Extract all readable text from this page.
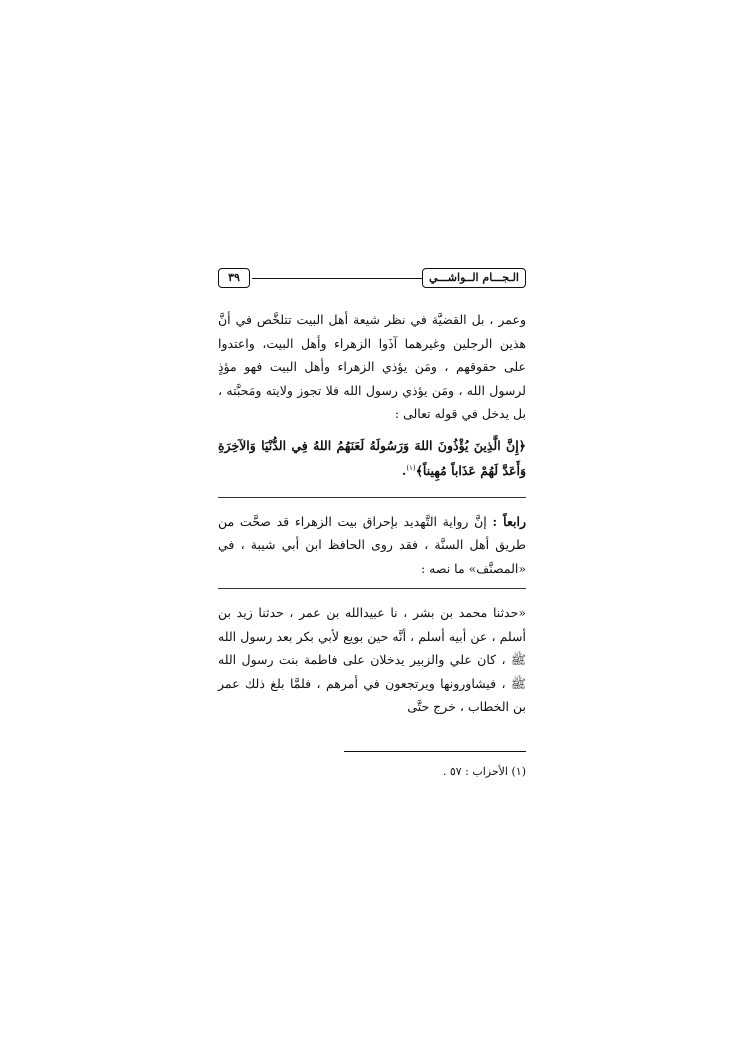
الـجـــام الــواشـــي
٣٩

وعمر ، بل القضيَّة في نظر شيعة أهل البيت تتلخَّص في أنَّ هذين الرجلين وغيرهما آذَوا الزهراء وأهل البيت، واعتدوا على حقوقهم ، ومَن يؤذي الزهراء وأهل البيت فهو مؤذٍ لرسول الله ، ومَن يؤذي رسول الله فلا تجوز ولايته ومَحبَّته ، بل يدخل في قوله تعالى :

﴿إِنَّ الَّذِينَ يُؤْذُونَ اللهَ وَرَسُولَهُ لَعَنَهُمُ اللهُ فِي الدُّنْيَا وَالآخِرَةِ وَأَعَدَّ لَهُمْ عَذَاباً مُهِيناً﴾$^{(١)}$.

رابعاً : إنَّ رواية التَّهديد بإحراق بيت الزهراء قد صحَّت من طريق أهل السنَّة ، فقد روى الحافظ ابن أبي شيبة ، في «المصنَّف» ما نصه :

«حدثنا محمد بن بشر ، نا عبيدالله بن عمر ، حدثنا زيد بن أسلم ، عن أبيه أسلم ، أنَّه حين بويع لأبي بكر بعد رسول الله ﷺ ، كان علي والزبير يدخلان على فاطمة بنت رسول الله ﷺ ، فيشاورونها ويرتجعون في أمرهم ، فلمَّا بلغ ذلك عمر بن الخطاب ، خرج حتَّى

(١) الأحزاب : ٥٧ .
